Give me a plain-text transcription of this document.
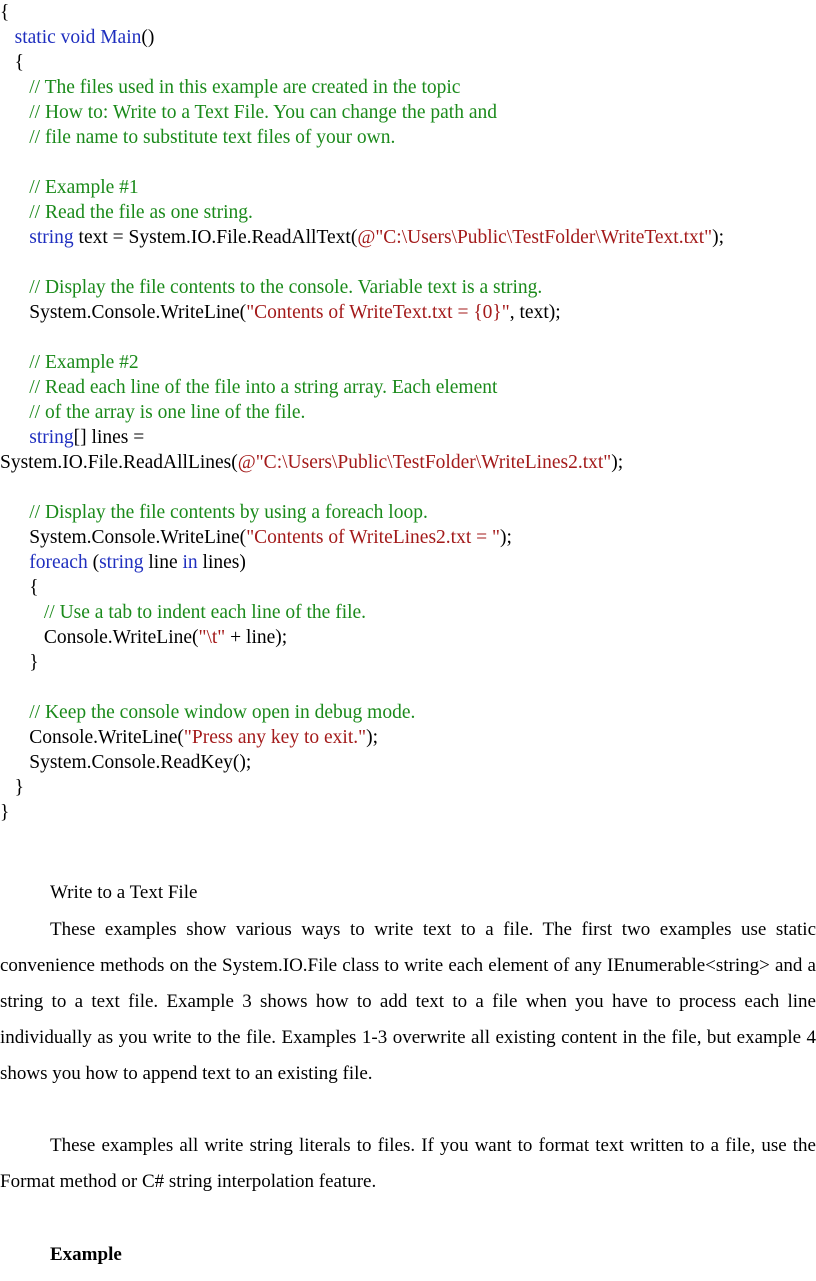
{
static void Main()
{
// The files used in this example are created in the topic
// How to: Write to a Text File. You can change the path and
// file name to substitute text files of your own.
// Example #1
// Read the file as one string.
string text = System.IO.File.ReadAllText(@"C:\Users\Public\TestFolder\WriteText.txt");
// Display the file contents to the console. Variable text is a string.
System.Console.WriteLine("Contents of WriteText.txt = {0}", text);
// Example #2
// Read each line of the file into a string array. Each element
// of the array is one line of the file.
string[] lines =
System.IO.File.ReadAllLines(@"C:\Users\Public\TestFolder\WriteLines2.txt");
// Display the file contents by using a foreach loop.
System.Console.WriteLine("Contents of WriteLines2.txt = ");
foreach (string line in lines)
{
// Use a tab to indent each line of the file.
Console.WriteLine("\t" + line);
}
// Keep the console window open in debug mode.
Console.WriteLine("Press any key to exit.");
System.Console.ReadKey();
}
}
Write to a Text File
These examples show various ways to write text to a file. The first two examples use static convenience methods on the System.IO.File class to write each element of any IEnumerable<string> and a string to a text file. Example 3 shows how to add text to a file when you have to process each line individually as you write to the file. Examples 1-3 overwrite all existing content in the file, but example 4 shows you how to append text to an existing file.
These examples all write string literals to files. If you want to format text written to a file, use the Format method or C# string interpolation feature.
Example
